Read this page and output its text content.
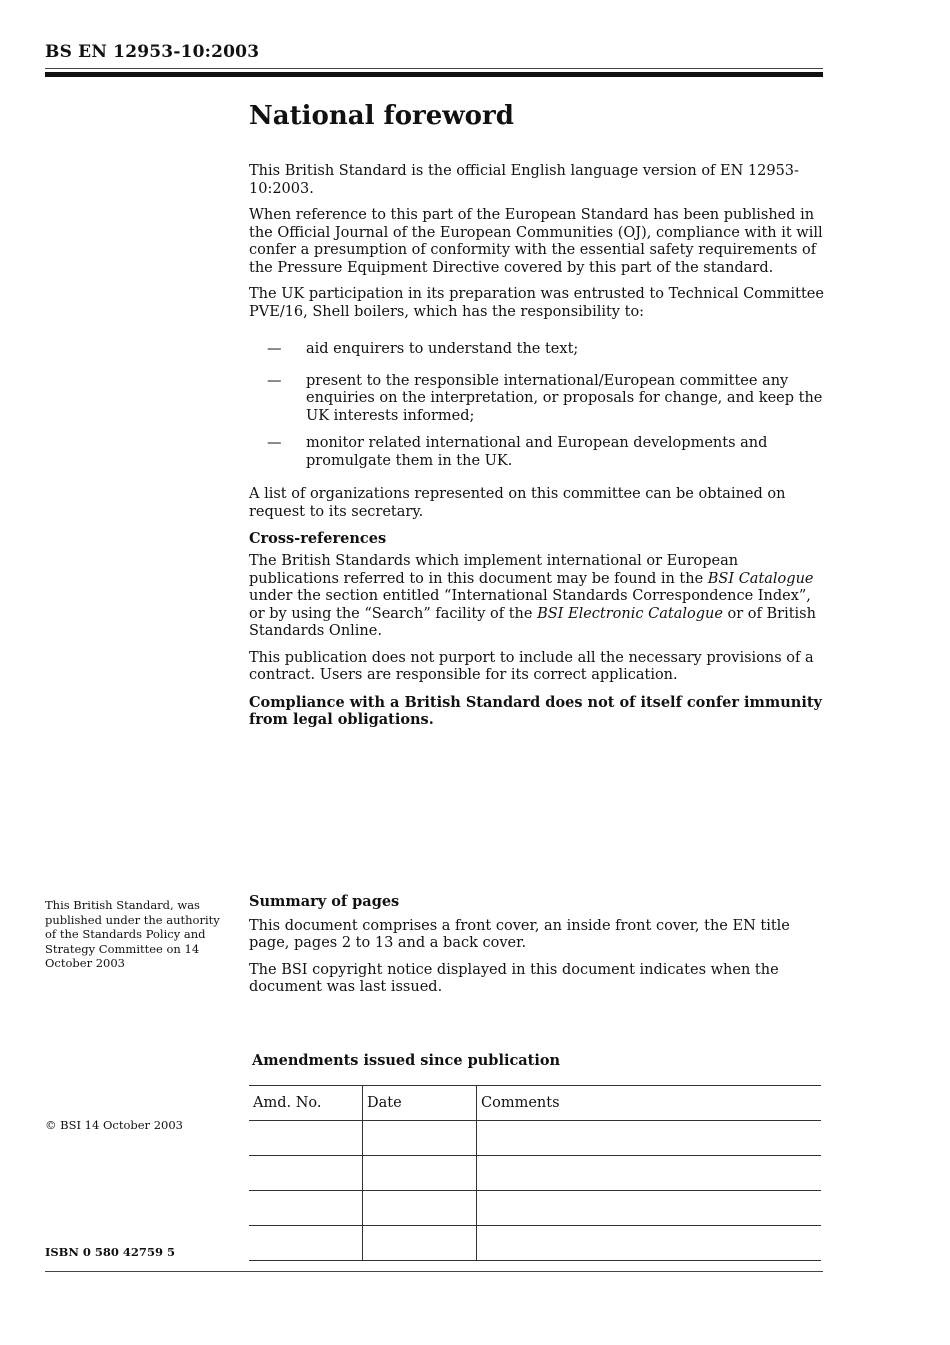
BS EN 12953-10:2003
National foreword

This British Standard is the official English language version of EN 12953-10:2003.

When reference to this part of the European Standard has been published in the Official Journal of the European Communities (OJ), compliance with it will confer a presumption of conformity with the essential safety requirements of the Pressure Equipment Directive covered by this part of the standard.

The UK participation in its preparation was entrusted to Technical Committee PVE/16, Shell boilers, which has the responsibility to:

— aid enquirers to understand the text;
— present to the responsible international/European committee any enquiries on the interpretation, or proposals for change, and keep the UK interests informed;
— monitor related international and European developments and promulgate them in the UK.

A list of organizations represented on this committee can be obtained on request to its secretary.

Cross-references

The British Standards which implement international or European publications referred to in this document may be found in the BSI Catalogue under the section entitled “International Standards Correspondence Index”, or by using the “Search” facility of the BSI Electronic Catalogue or of British Standards Online.

This publication does not purport to include all the necessary provisions of a contract. Users are responsible for its correct application.

Compliance with a British Standard does not of itself confer immunity from legal obligations.

This British Standard, was published under the authority of the Standards Policy and Strategy Committee on 14 October 2003
Summary of pages

This document comprises a front cover, an inside front cover, the EN title page, pages 2 to 13 and a back cover.

The BSI copyright notice displayed in this document indicates when the document was last issued.

© BSI 14 October 2003
Amendments issued since publication
Amd. No.	Date	Comments

ISBN 0 580 42759 5
